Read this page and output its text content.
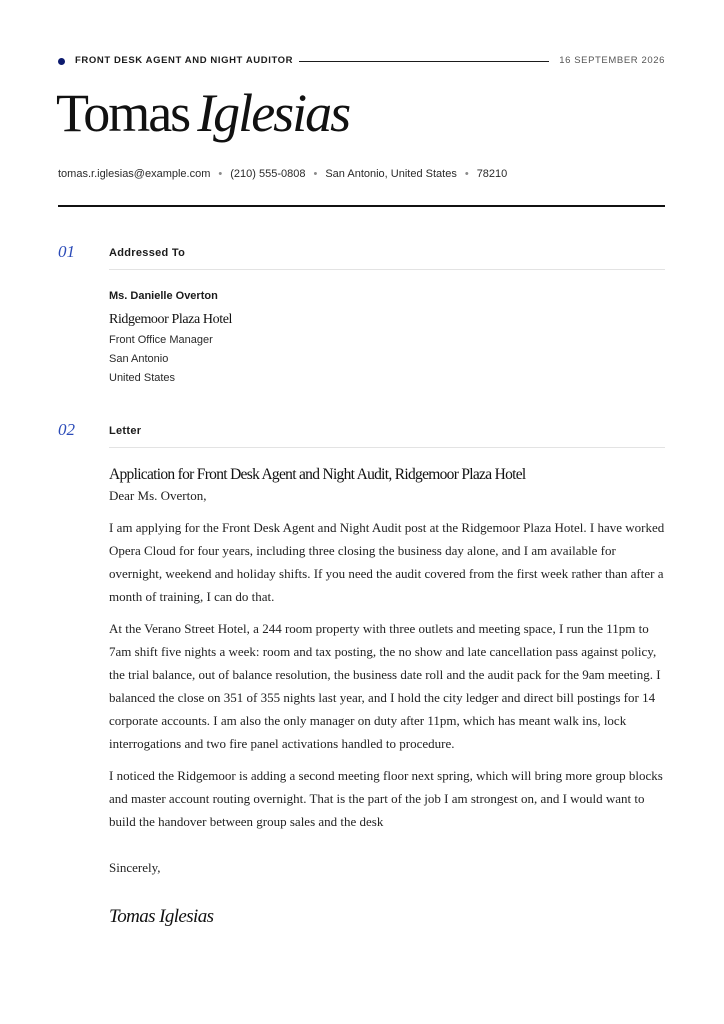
FRONT DESK AGENT AND NIGHT AUDITOR	16 SEPTEMBER 2026
Tomas Iglesias
tomas.r.iglesias@example.com • (210) 555-0808 • San Antonio, United States • 78210
01	Addressed To
Ms. Danielle Overton
Ridgemoor Plaza Hotel
Front Office Manager
San Antonio
United States
02	Letter
Application for Front Desk Agent and Night Audit, Ridgemoor Plaza Hotel
Dear Ms. Overton,

I am applying for the Front Desk Agent and Night Audit post at the Ridgemoor Plaza Hotel. I have worked Opera Cloud for four years, including three closing the business day alone, and I am available for overnight, weekend and holiday shifts. If you need the audit covered from the first week rather than after a month of training, I can do that.

At the Verano Street Hotel, a 244 room property with three outlets and meeting space, I run the 11pm to 7am shift five nights a week: room and tax posting, the no show and late cancellation pass against policy, the trial balance, out of balance resolution, the business date roll and the audit pack for the 9am meeting. I balanced the close on 351 of 355 nights last year, and I hold the city ledger and direct bill postings for 14 corporate accounts. I am also the only manager on duty after 11pm, which has meant walk ins, lock interrogations and two fire panel activations handled to procedure.

I noticed the Ridgemoor is adding a second meeting floor next spring, which will bring more group blocks and master account routing overnight. That is the part of the job I am strongest on, and I would want to build the handover between group sales and the desk

Sincerely,
Tomas Iglesias
